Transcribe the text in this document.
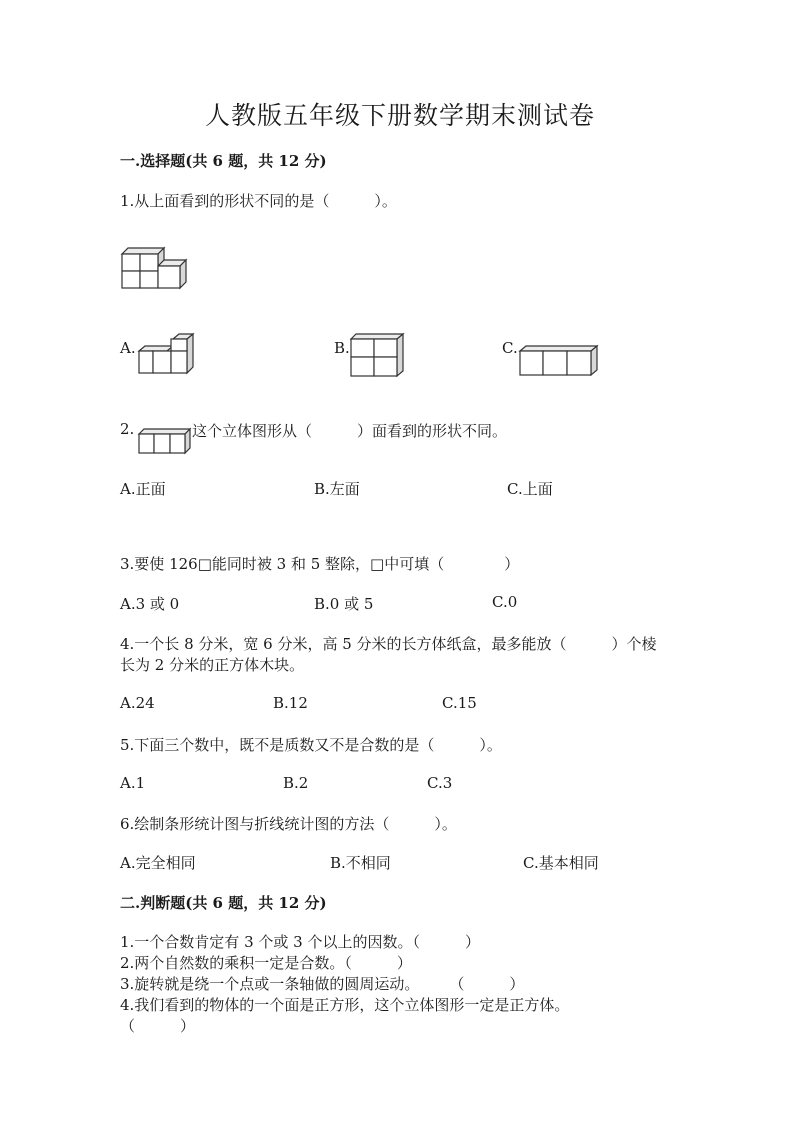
人教版五年级下册数学期末测试卷
一.选择题(共 6 题，共 12 分)
1.从上面看到的形状不同的是（　　　）。
A.	B.	C.
2.	这个立体图形从（　　　）面看到的形状不同。
A.正面	B.左面	C.上面
3.要使 126□能同时被 3 和 5 整除，□中可填（　　　　）
A.3 或 0	B.0 或 5	C.0
4.一个长 8 分米，宽 6 分米，高 5 分米的长方体纸盒，最多能放（　　　）个棱
长为 2 分米的正方体木块。
A.24	B.12	C.15
5.下面三个数中，既不是质数又不是合数的是（　　　）。
A.1	B.2	C.3
6.绘制条形统计图与折线统计图的方法（　　　）。
A.完全相同	B.不相同	C.基本相同
二.判断题(共 6 题，共 12 分)
1.一个合数肯定有 3 个或 3 个以上的因数。（　　　）
2.两个自然数的乘积一定是合数。（　　　）
3.旋转就是绕一个点或一条轴做的圆周运动。　　　（　　　）
4.我们看到的物体的一个面是正方形，这个立体图形一定是正方体。
（　　　）
